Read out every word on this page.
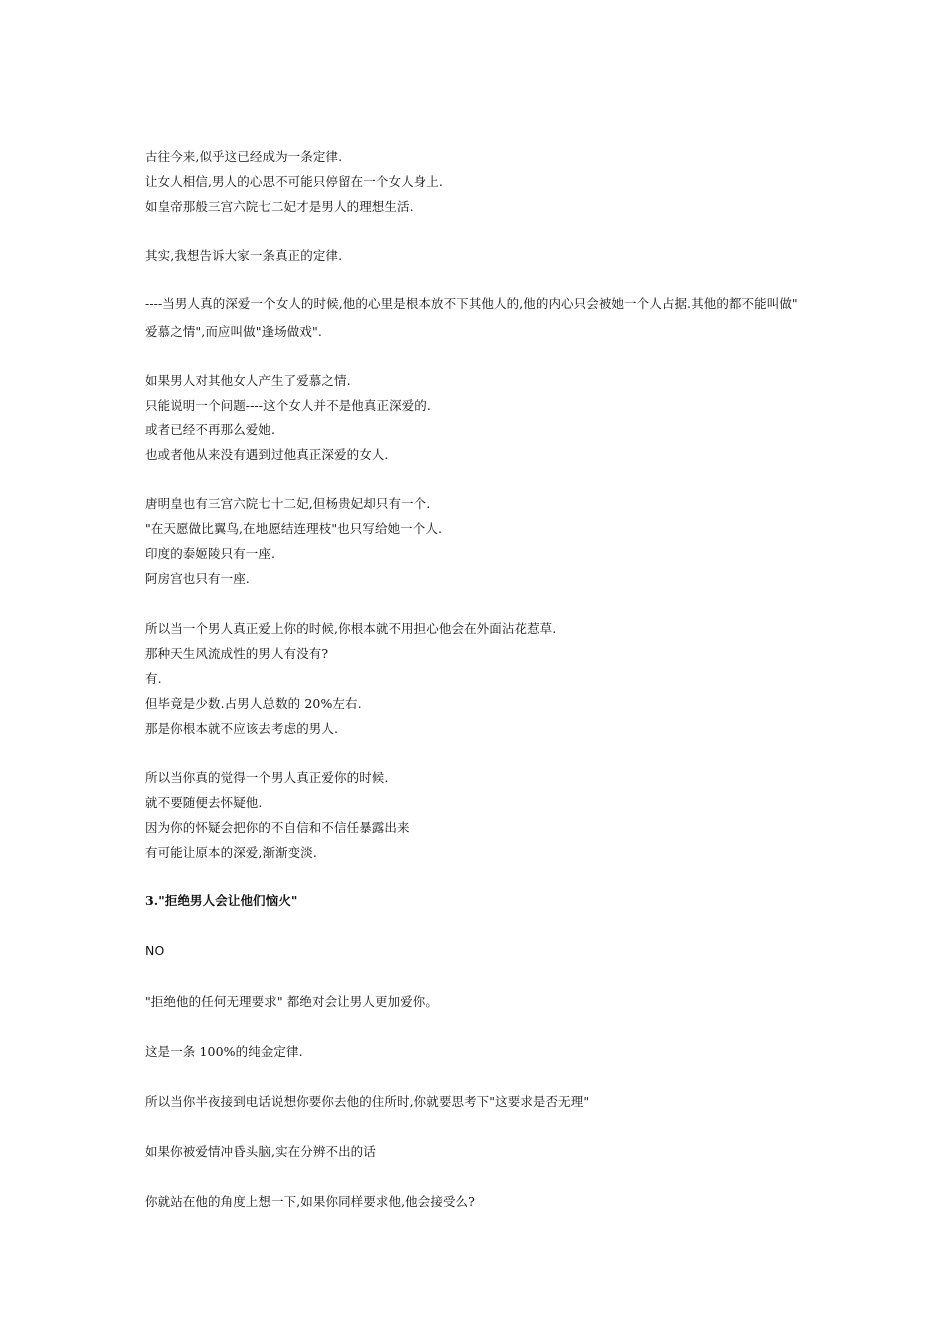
古往今来,似乎这已经成为一条定律.
让女人相信,男人的心思不可能只停留在一个女人身上.
如皇帝那般三宫六院七二妃才是男人的理想生活.
其实,我想告诉大家一条真正的定律.
----当男人真的深爱一个女人的时候,他的心里是根本放不下其他人的,他的内心只会被她一个人占据.其他的都不能叫做"
爱慕之情",而应叫做"逢场做戏".
如果男人对其他女人产生了爱慕之情.
只能说明一个问题----这个女人并不是他真正深爱的.
或者已经不再那么爱她.
也或者他从来没有遇到过他真正深爱的女人.
唐明皇也有三宫六院七十二妃,但杨贵妃却只有一个.
"在天愿做比翼鸟,在地愿结连理枝"也只写给她一个人.
印度的泰姬陵只有一座.
阿房宫也只有一座.
所以当一个男人真正爱上你的时候,你根本就不用担心他会在外面沾花惹草.
那种天生风流成性的男人有没有?
有.
但毕竟是少数.占男人总数的 20%左右.
那是你根本就不应该去考虑的男人.
所以当你真的觉得一个男人真正爱你的时候.
就不要随便去怀疑他.
因为你的怀疑会把你的不自信和不信任暴露出来
有可能让原本的深爱,渐渐变淡.
3."拒绝男人会让他们恼火"
NO
"拒绝他的任何无理要求" 都绝对会让男人更加爱你。
这是一条 100%的纯金定律.
所以当你半夜接到电话说想你要你去他的住所时,你就要思考下"这要求是否无理"
如果你被爱情冲昏头脑,实在分辨不出的话
你就站在他的角度上想一下,如果你同样要求他,他会接受么?
